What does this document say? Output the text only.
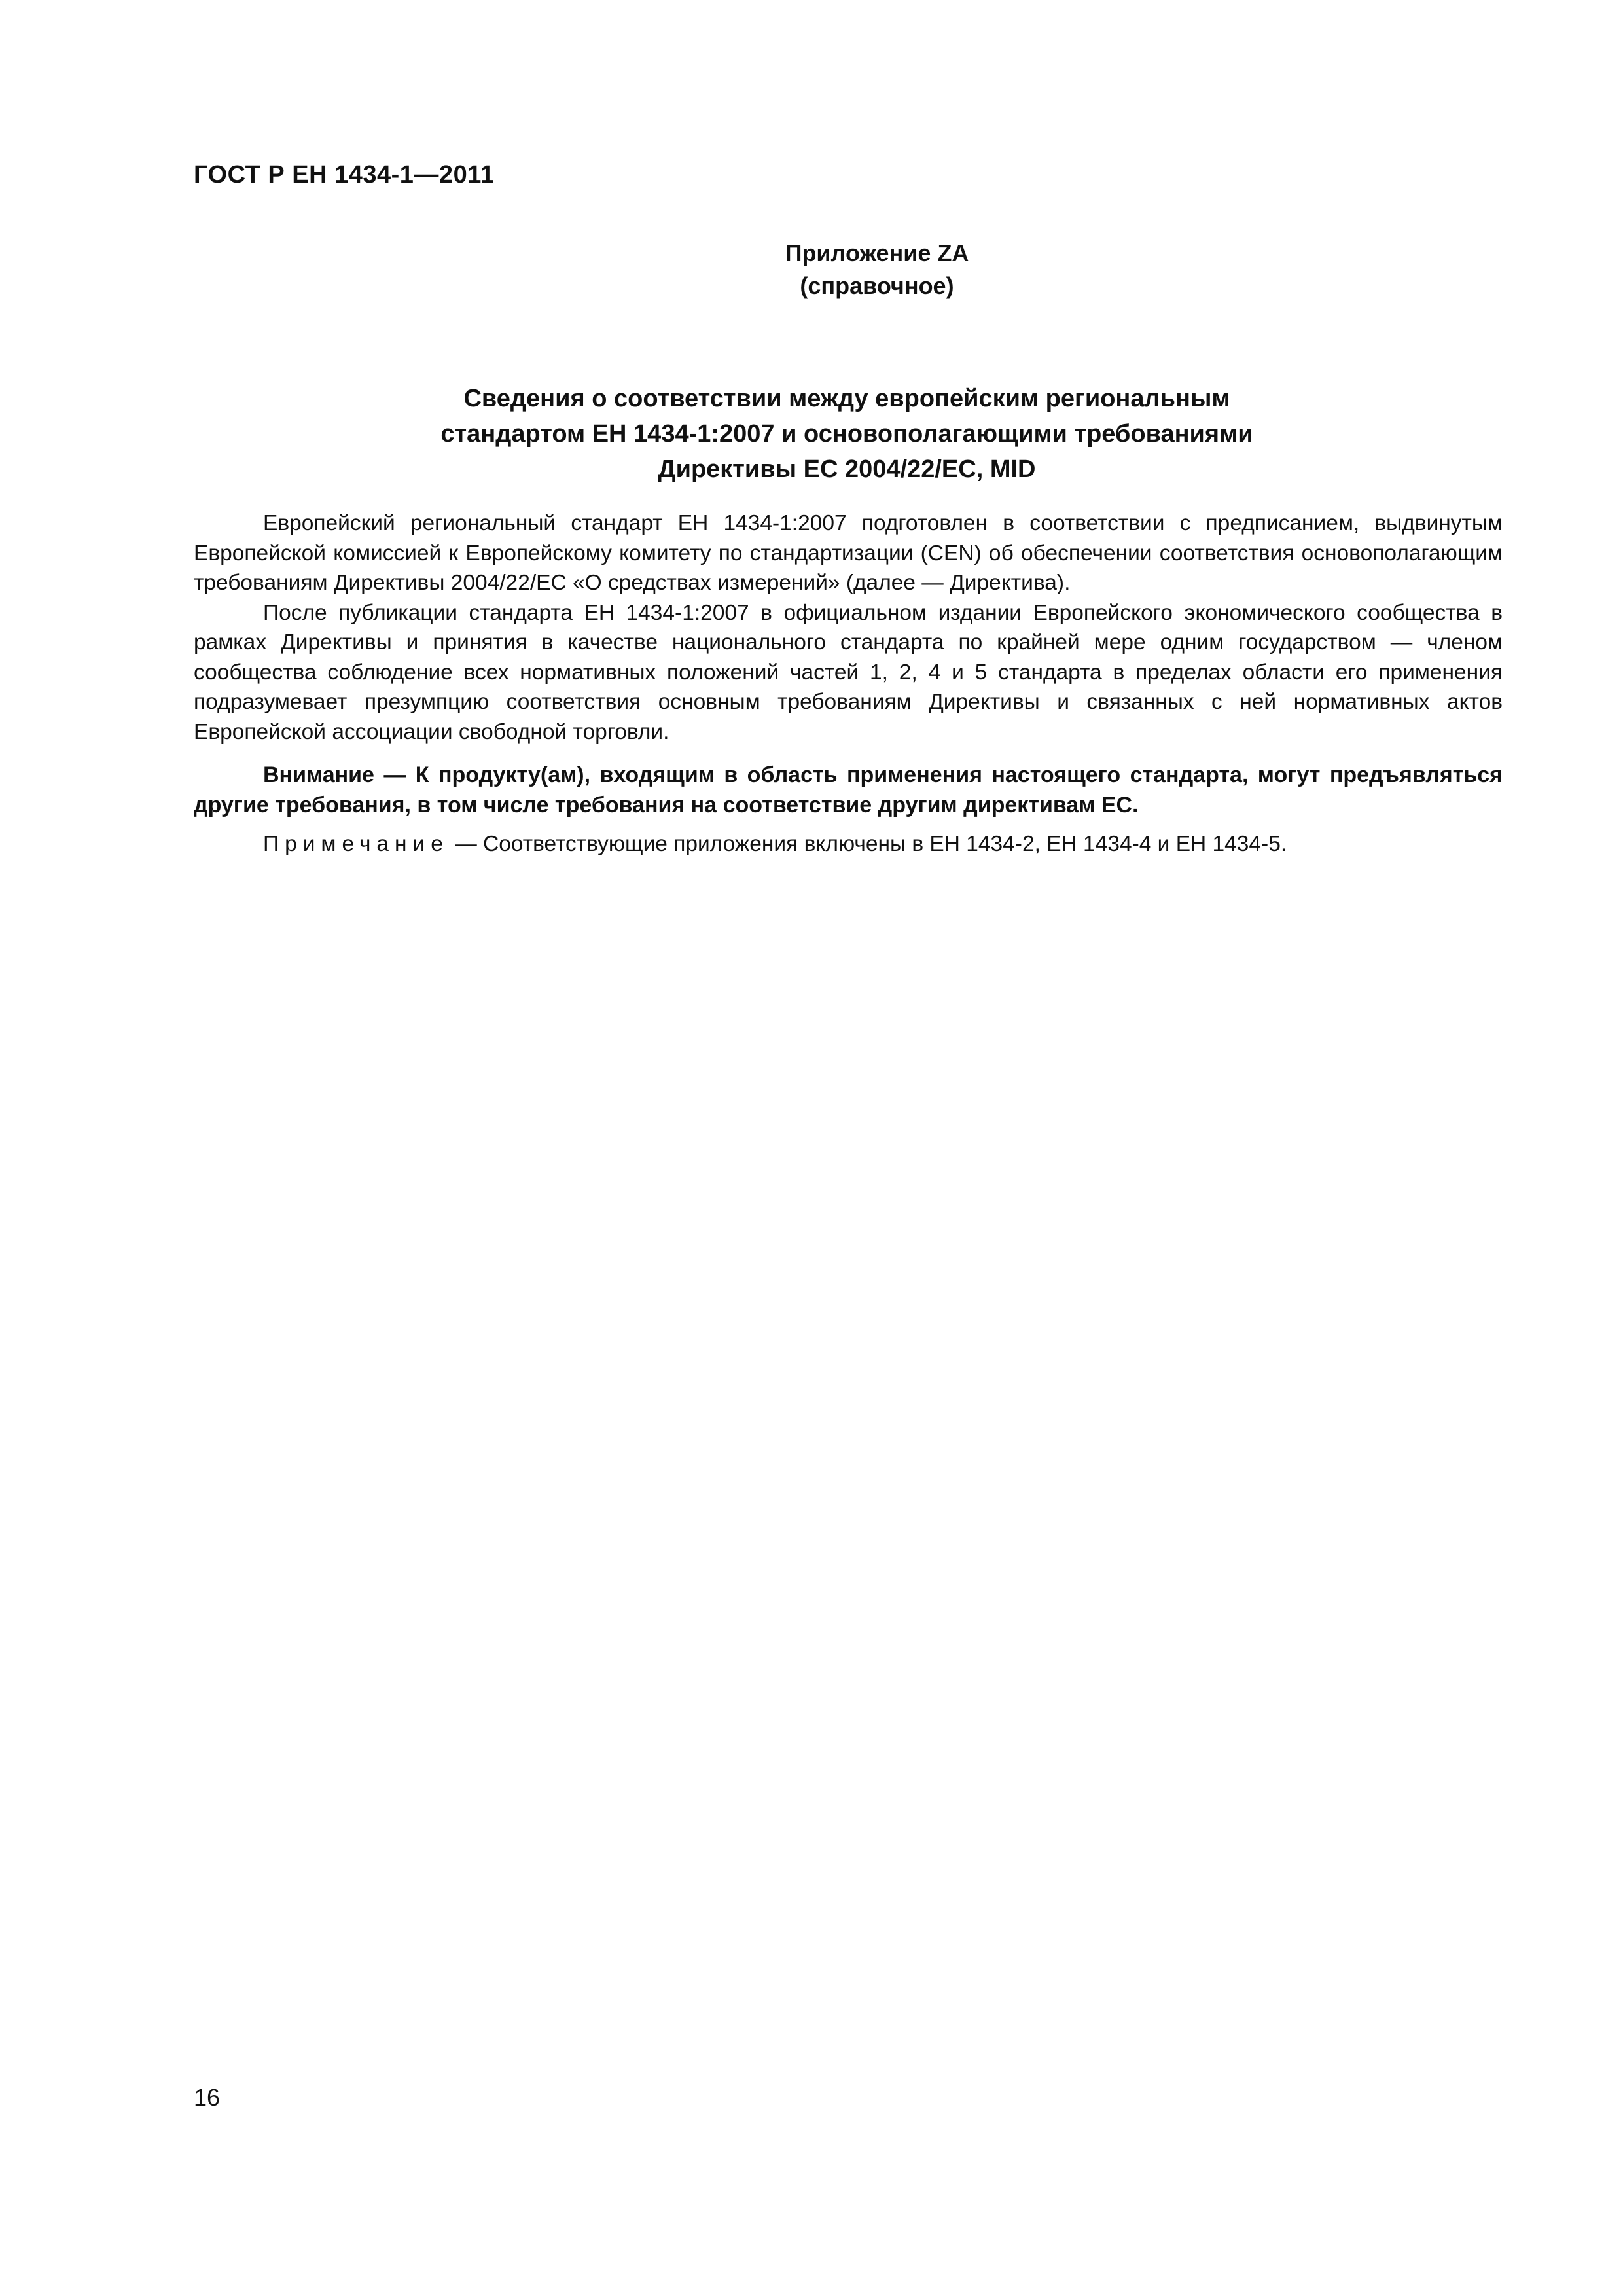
ГОСТ Р ЕН 1434-1—2011
Приложение ZA
(справочное)
Сведения о соответствии между европейским региональным
стандартом ЕН 1434-1:2007 и основополагающими требованиями
Директивы ЕС 2004/22/ЕС, MID

Европейский региональный стандарт ЕН 1434-1:2007 подготовлен в соответствии с предписанием, выдвинутым Европейской комиссией к Европейскому комитету по стандартизации (CEN) об обеспечении соответствия основополагающим требованиям Директивы 2004/22/ЕС «О средствах измерений» (далее — Директива).

После публикации стандарта ЕН 1434-1:2007 в официальном издании Европейского экономического сообщества в рамках Директивы и принятия в качестве национального стандарта по крайней мере одним государством — членом сообщества соблюдение всех нормативных положений частей 1, 2, 4 и 5 стандарта в пределах области его применения подразумевает презумпцию соответствия основным требованиям Директивы и связанных с ней нормативных актов Европейской ассоциации свободной торговли.

Внимание — К продукту(ам), входящим в область применения настоящего стандарта, могут предъявляться другие требования, в том числе требования на соответствие другим директивам ЕС.

Примечание — Соответствующие приложения включены в ЕН 1434-2, ЕН 1434-4 и ЕН 1434-5.

16
